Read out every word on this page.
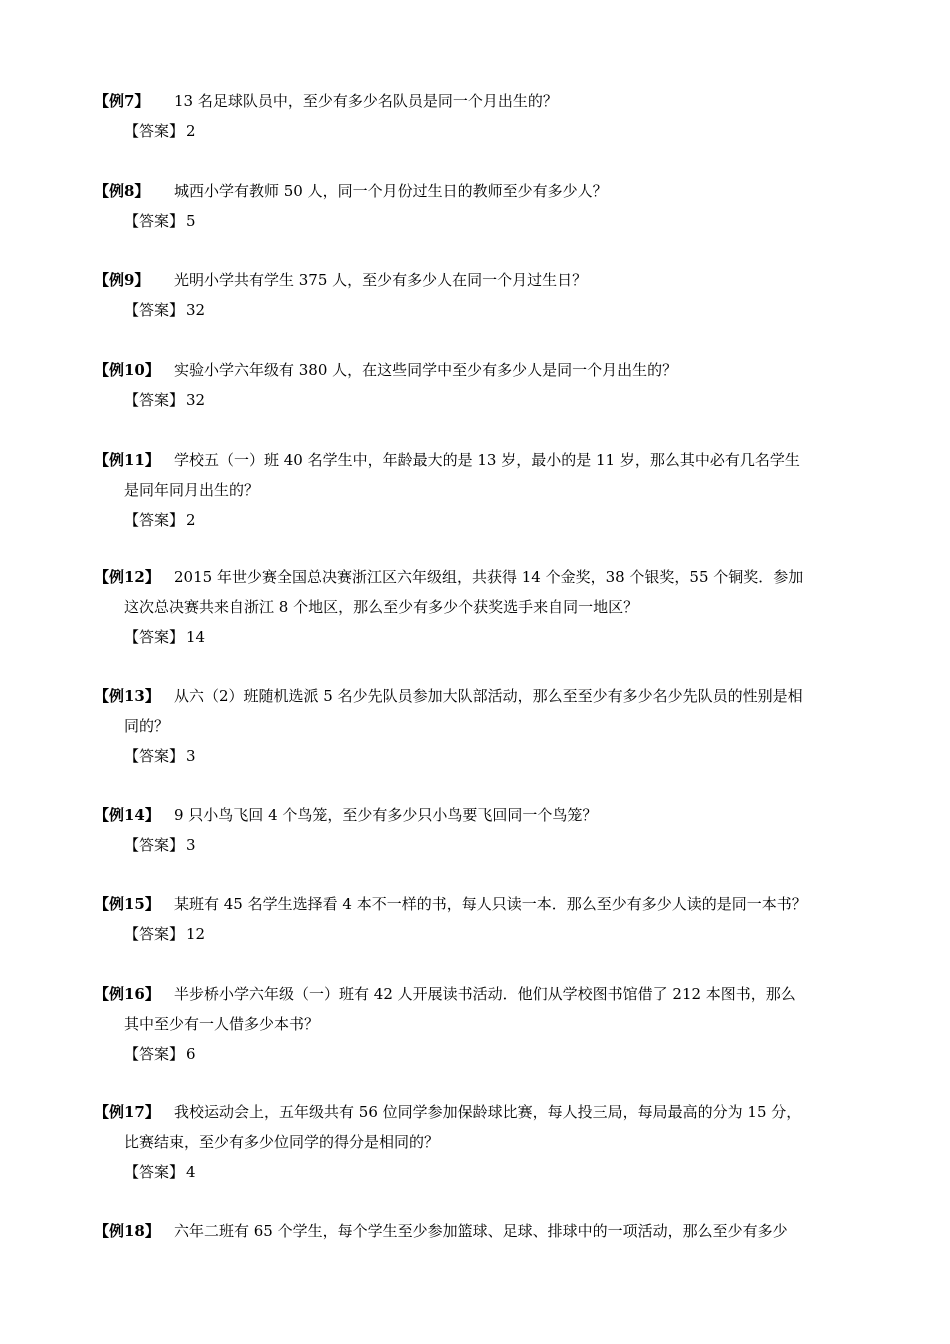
【例7】 13 名足球队员中，至少有多少名队员是同一个月出生的？
【答案】 2
【例8】 城西小学有教师 50 人，同一个月份过生日的教师至少有多少人？
【答案】 5
【例9】 光明小学共有学生 375 人，至少有多少人在同一个月过生日？
【答案】 32
【例10】 实验小学六年级有 380 人，在这些同学中至少有多少人是同一个月出生的？
【答案】 32
【例11】 学校五（一）班 40 名学生中，年龄最大的是 13 岁，最小的是 11 岁，那么其中必有几名学生
是同年同月出生的？
【答案】 2
【例12】 2015 年世少赛全国总决赛浙江区六年级组，共获得 14 个金奖，38 个银奖，55 个铜奖．参加
这次总决赛共来自浙江 8 个地区，那么至少有多少个获奖选手来自同一地区？
【答案】 14
【例13】 从六（2）班随机选派 5 名少先队员参加大队部活动，那么至至少有多少名少先队员的性别是相
同的？
【答案】 3
【例14】 9 只小鸟飞回 4 个鸟笼，至少有多少只小鸟要飞回同一个鸟笼？
【答案】 3
【例15】 某班有 45 名学生选择看 4 本不一样的书，每人只读一本．那么至少有多少人读的是同一本书？
【答案】 12
【例16】 半步桥小学六年级（一）班有 42 人开展读书活动．他们从学校图书馆借了 212 本图书，那么
其中至少有一人借多少本书？
【答案】 6
【例17】 我校运动会上，五年级共有 56 位同学参加保龄球比赛，每人投三局，每局最高的分为 15 分，
比赛结束，至少有多少位同学的得分是相同的？
【答案】 4
【例18】 六年二班有 65 个学生，每个学生至少参加篮球、足球、排球中的一项活动，那么至少有多少
